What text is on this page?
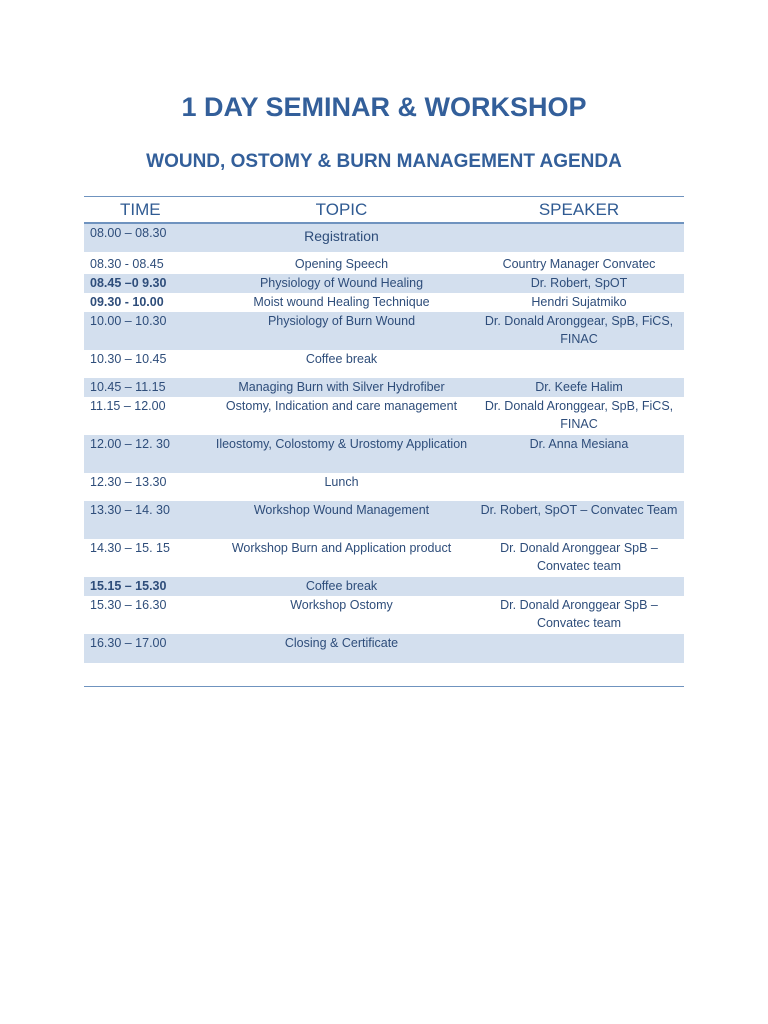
1 DAY SEMINAR & WORKSHOP
WOUND, OSTOMY & BURN MANAGEMENT AGENDA
TIME	TOPIC	SPEAKER
08.00 – 08.30	Registration
08.30 - 08.45	Opening Speech	Country Manager Convatec
08.45 –0 9.30	Physiology of Wound Healing	Dr. Robert, SpOT
09.30 - 10.00	Moist wound Healing Technique	Hendri Sujatmiko
10.00 – 10.30	Physiology of Burn Wound	Dr. Donald Aronggear, SpB, FiCS, FINAC
10.30 – 10.45	Coffee break
10.45 – 11.15	Managing Burn with Silver Hydrofiber	Dr. Keefe Halim
11.15 – 12.00	Ostomy, Indication and care management	Dr. Donald Aronggear, SpB, FiCS, FINAC
12.00 – 12. 30	Ileostomy, Colostomy & Urostomy Application	Dr. Anna Mesiana
12.30 – 13.30	Lunch
13.30 – 14. 30	Workshop Wound Management	Dr. Robert, SpOT – Convatec Team
14.30 – 15. 15	Workshop Burn and Application product	Dr. Donald Aronggear SpB – Convatec team
15.15 – 15.30	Coffee break
15.30 – 16.30	Workshop Ostomy	Dr. Donald Aronggear SpB – Convatec team
16.30 – 17.00	Closing & Certificate
